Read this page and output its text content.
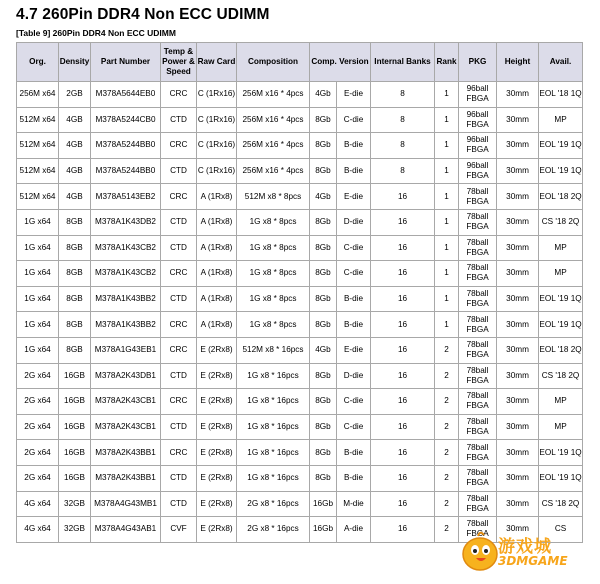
4.7 260Pin DDR4 Non ECC UDIMM
[Table 9] 260Pin DDR4 Non ECC UDIMM
Org.	Density	Part Number	Temp & Power & Speed	Raw Card	Composition	Comp. Version		Internal Banks	Rank	PKG	Height	Avail.
256M x64	2GB	M378A5644EB0	CRC	C (1Rx16)	256M x16 * 4pcs	4Gb	E-die	8	1	96ball FBGA	30mm	EOL '18 1Q
512M x64	4GB	M378A5244CB0	CTD	C (1Rx16)	256M x16 * 4pcs	8Gb	C-die	8	1	96ball FBGA	30mm	MP
512M x64	4GB	M378A5244BB0	CRC	C (1Rx16)	256M x16 * 4pcs	8Gb	B-die	8	1	96ball FBGA	30mm	EOL '19 1Q
512M x64	4GB	M378A5244BB0	CTD	C (1Rx16)	256M x16 * 4pcs	8Gb	B-die	8	1	96ball FBGA	30mm	EOL '19 1Q
512M x64	4GB	M378A5143EB2	CRC	A (1Rx8)	512M x8 * 8pcs	4Gb	E-die	16	1	78ball FBGA	30mm	EOL '18 2Q
1G x64	8GB	M378A1K43DB2	CTD	A (1Rx8)	1G x8 * 8pcs	8Gb	D-die	16	1	78ball FBGA	30mm	CS '18 2Q
1G x64	8GB	M378A1K43CB2	CTD	A (1Rx8)	1G x8 * 8pcs	8Gb	C-die	16	1	78ball FBGA	30mm	MP
1G x64	8GB	M378A1K43CB2	CRC	A (1Rx8)	1G x8 * 8pcs	8Gb	C-die	16	1	78ball FBGA	30mm	MP
1G x64	8GB	M378A1K43BB2	CTD	A (1Rx8)	1G x8 * 8pcs	8Gb	B-die	16	1	78ball FBGA	30mm	EOL '19 1Q
1G x64	8GB	M378A1K43BB2	CRC	A (1Rx8)	1G x8 * 8pcs	8Gb	B-die	16	1	78ball FBGA	30mm	EOL '19 1Q
1G x64	8GB	M378A1G43EB1	CRC	E (2Rx8)	512M x8 * 16pcs	4Gb	E-die	16	2	78ball FBGA	30mm	EOL '18 2Q
2G x64	16GB	M378A2K43DB1	CTD	E (2Rx8)	1G x8 * 16pcs	8Gb	D-die	16	2	78ball FBGA	30mm	CS '18 2Q
2G x64	16GB	M378A2K43CB1	CRC	E (2Rx8)	1G x8 * 16pcs	8Gb	C-die	16	2	78ball FBGA	30mm	MP
2G x64	16GB	M378A2K43CB1	CTD	E (2Rx8)	1G x8 * 16pcs	8Gb	C-die	16	2	78ball FBGA	30mm	MP
2G x64	16GB	M378A2K43BB1	CRC	E (2Rx8)	1G x8 * 16pcs	8Gb	B-die	16	2	78ball FBGA	30mm	EOL '19 1Q
2G x64	16GB	M378A2K43BB1	CTD	E (2Rx8)	1G x8 * 16pcs	8Gb	B-die	16	2	78ball FBGA	30mm	EOL '19 1Q
4G x64	32GB	M378A4G43MB1	CTD	E (2Rx8)	2G x8 * 16pcs	16Gb	M-die	16	2	78ball FBGA	30mm	CS '18 2Q
4G x64	32GB	M378A4G43AB1	CVF	E (2Rx8)	2G x8 * 16pcs	16Gb	A-die	16	2	78ball FBGA	30mm	CS
游戏城
3DMGAME
